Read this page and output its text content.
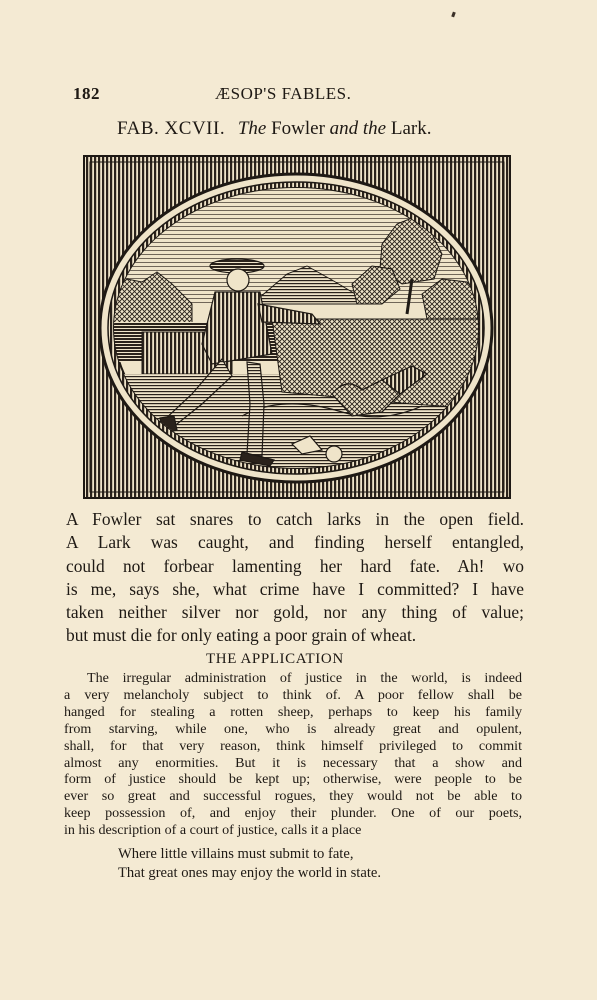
182	ÆSOP'S FABLES.
FAB. XCVII. The Fowler and the Lark.
A Fowler sat snares to catch larks in the open field.
A Lark was caught, and finding herself entangled,
could not forbear lamenting her hard fate. Ah! wo
is me, says she, what crime have I committed? I have
taken neither silver nor gold, nor any thing of value;
but must die for only eating a poor grain of wheat.
THE APPLICATION
The irregular administration of justice in the world, is indeed
a very melancholy subject to think of. A poor fellow shall be
hanged for stealing a rotten sheep, perhaps to keep his family
from starving, while one, who is already great and opulent,
shall, for that very reason, think himself privileged to commit
almost any enormities. But it is necessary that a show and
form of justice should be kept up; otherwise, were people to be
ever so great and successful rogues, they would not be able to
keep possession of, and enjoy their plunder. One of our poets,
in his description of a court of justice, calls it a place
Where little villains must submit to fate,
That great ones may enjoy the world in state.
